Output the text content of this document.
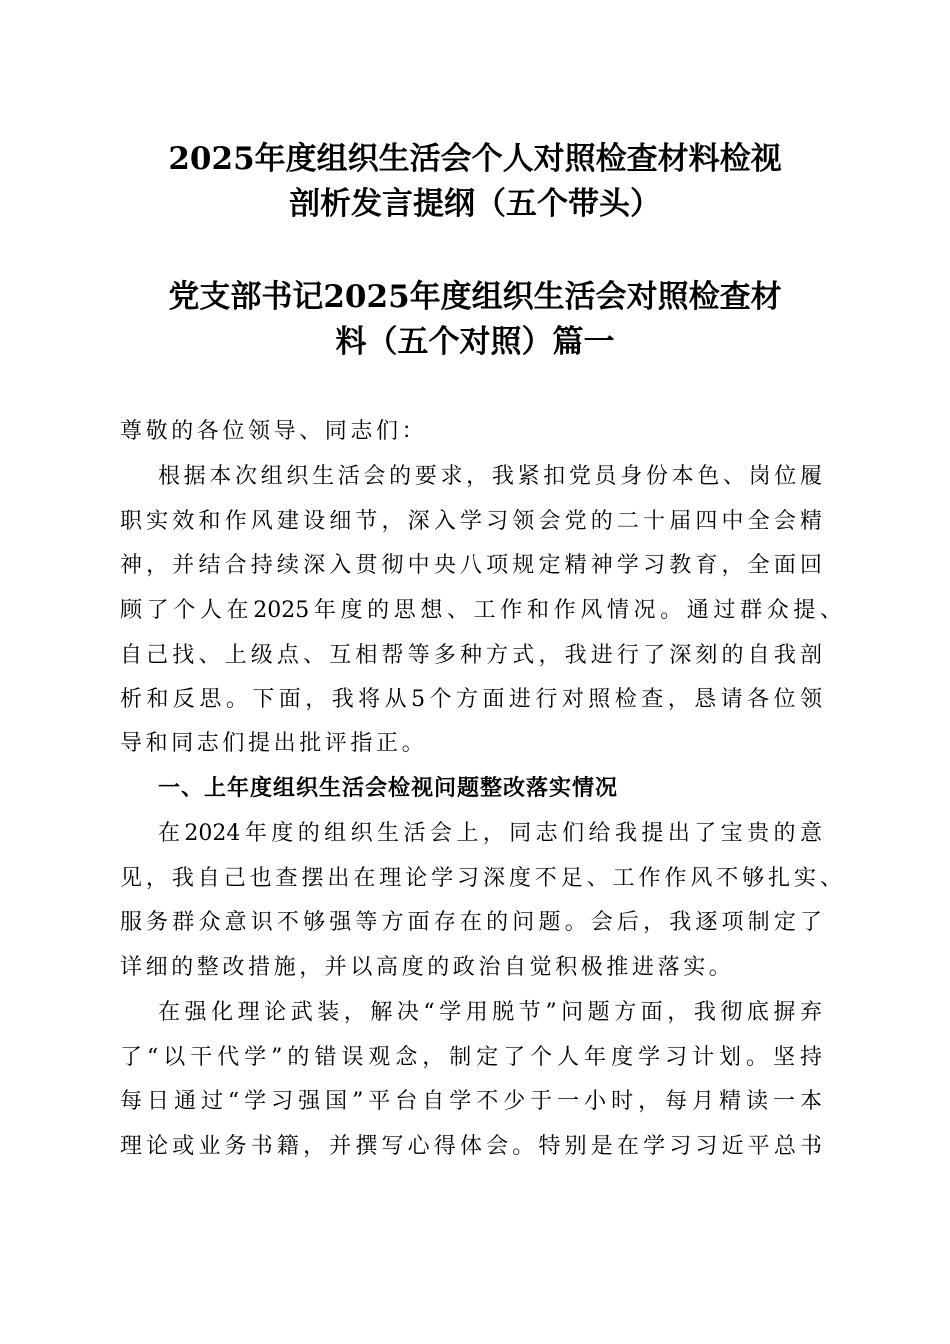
2025年度组织生活会个人对照检查材料检视
剖析发言提纲（五个带头）
党支部书记2025年度组织生活会对照检查材
料（五个对照）篇一
尊敬的各位领导、同志们：
根据本次组织生活会的要求，我紧扣党员身份本色、岗位履
职实效和作风建设细节，深入学习领会党的二十届四中全会精
神，并结合持续深入贯彻中央八项规定精神学习教育，全面回
顾了个人在2025年度的思想、工作和作风情况。通过群众提、
自己找、上级点、互相帮等多种方式，我进行了深刻的自我剖
析和反思。下面，我将从5个方面进行对照检查，恳请各位领
导和同志们提出批评指正。
一、上年度组织生活会检视问题整改落实情况
在2024年度的组织生活会上，同志们给我提出了宝贵的意
见，我自己也查摆出在理论学习深度不足、工作作风不够扎实、
服务群众意识不够强等方面存在的问题。会后，我逐项制定了
详细的整改措施，并以高度的政治自觉积极推进落实。
在强化理论武装，解决“学用脱节”问题方面，我彻底摒弃
了“以干代学”的错误观念，制定了个人年度学习计划。坚持
每日通过“学习强国”平台自学不少于一小时，每月精读一本
理论或业务书籍，并撰写心得体会。特别是在学习习近平总书
